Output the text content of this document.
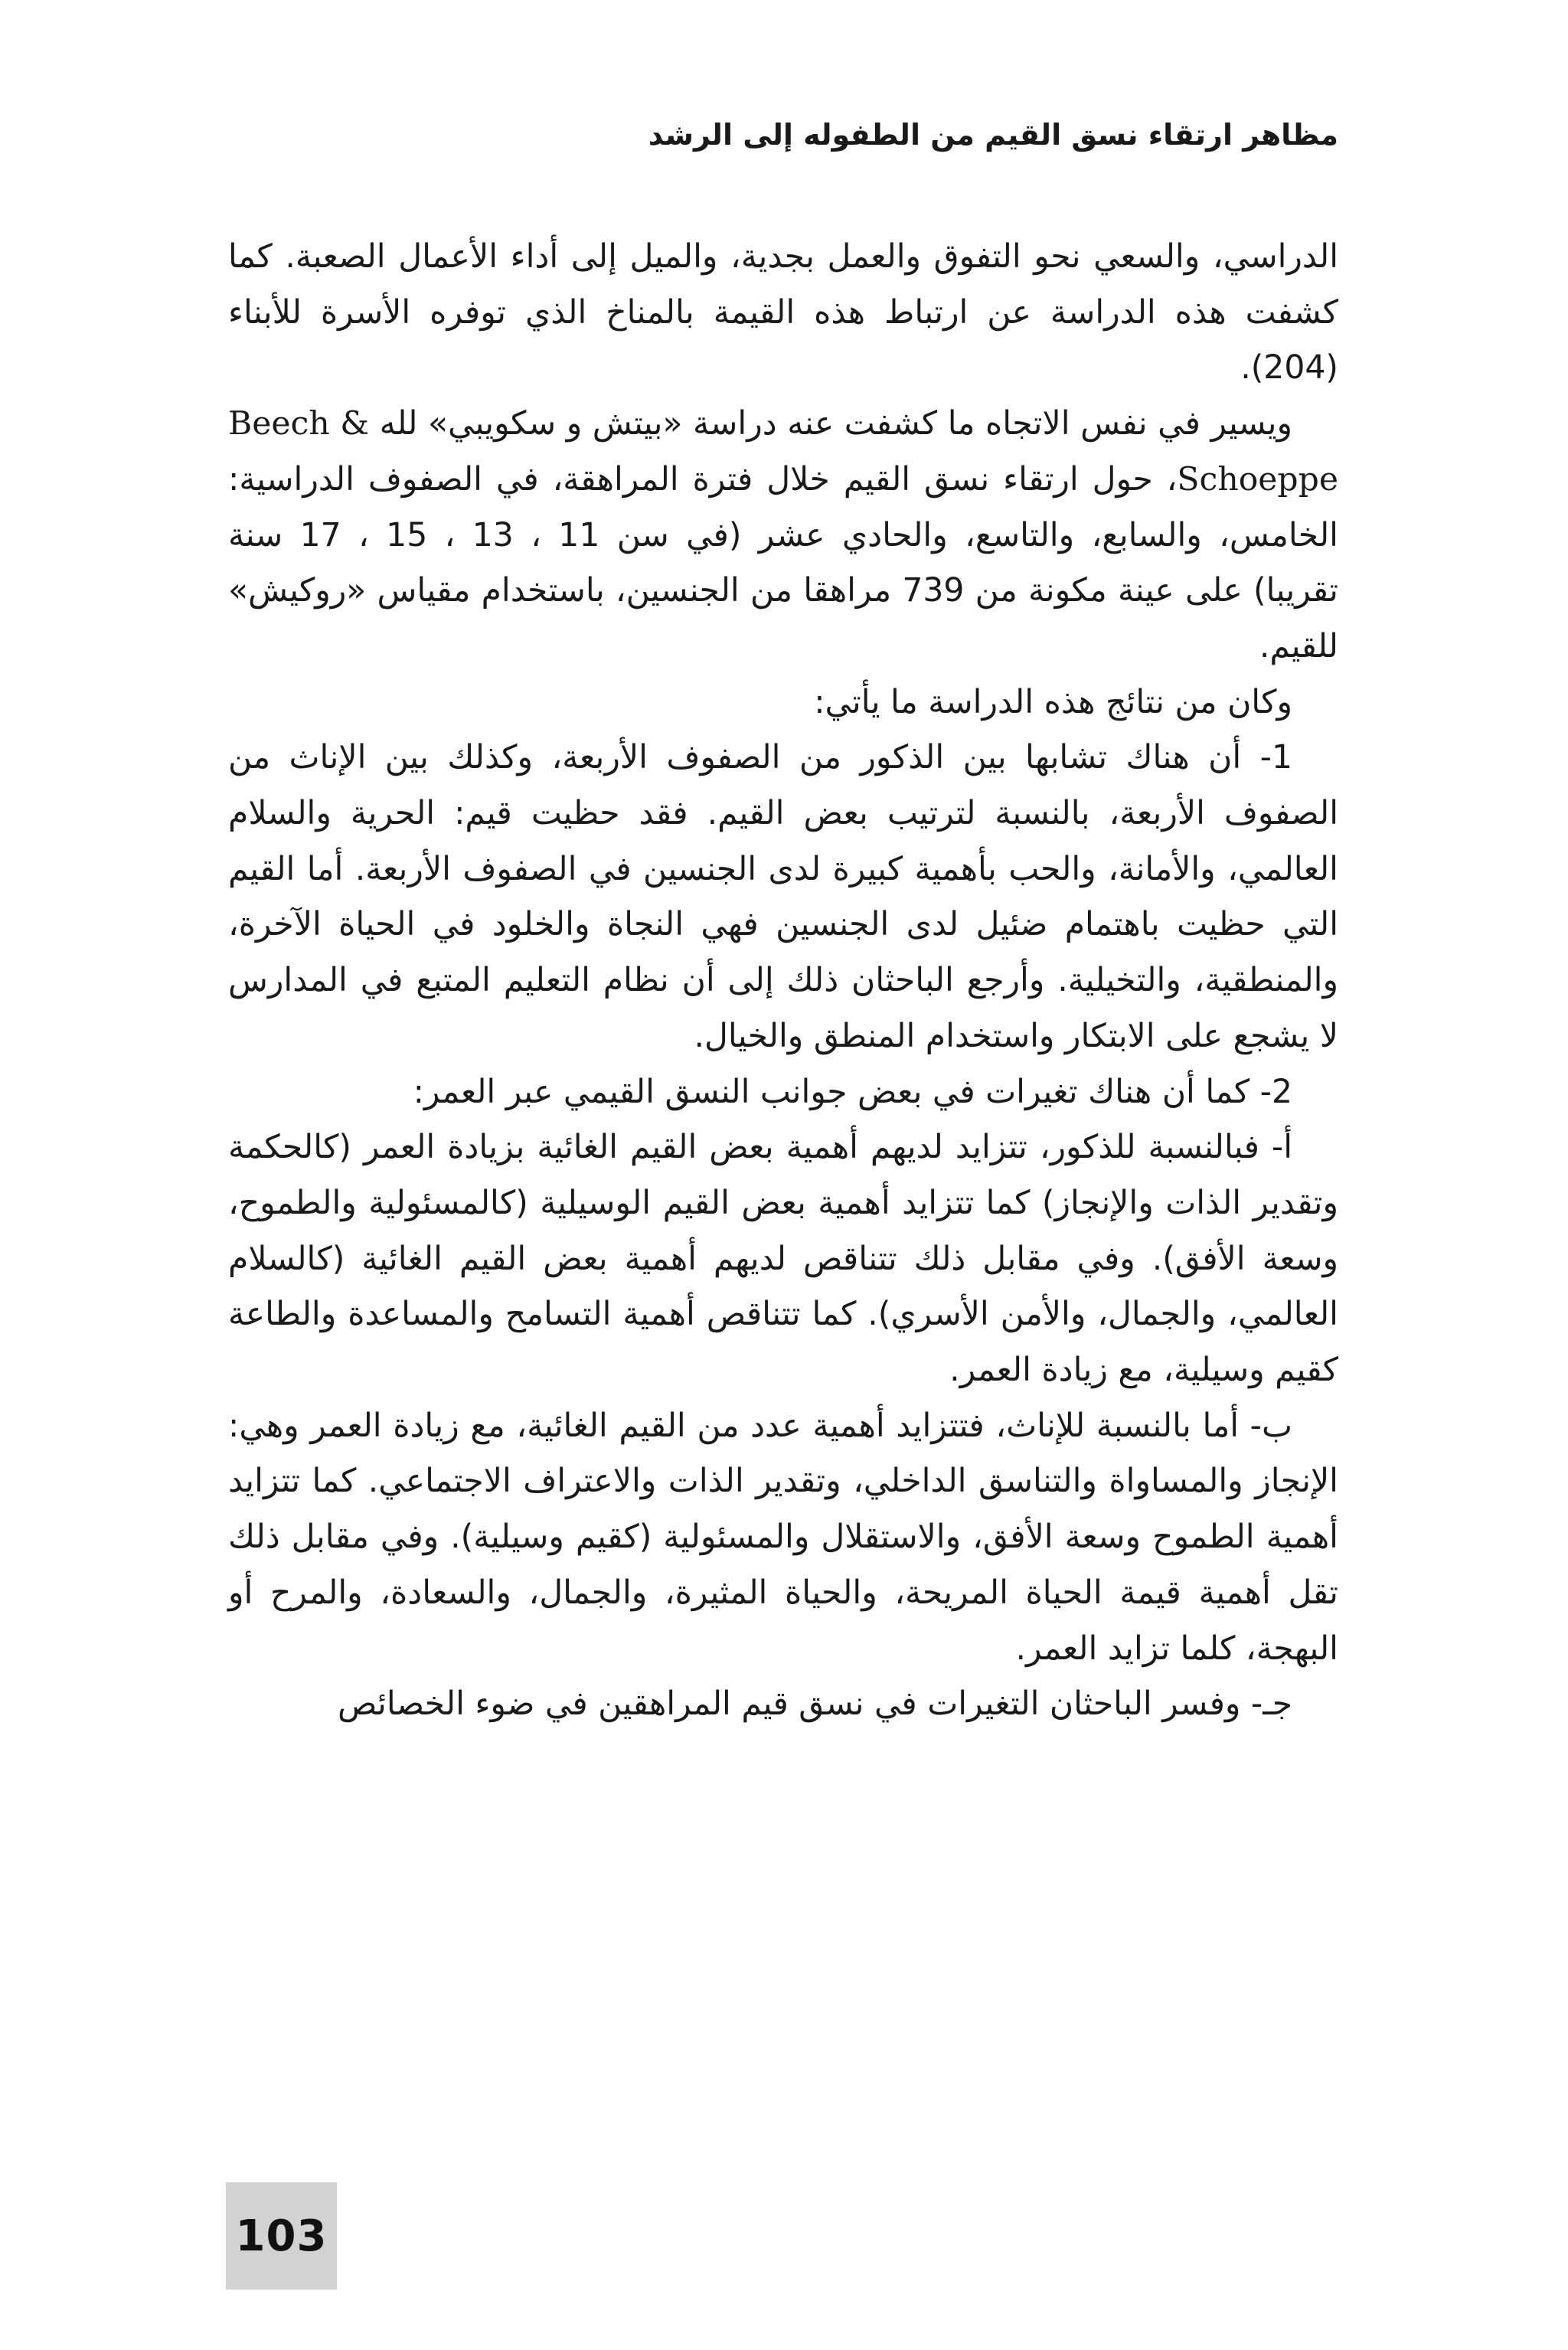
مظاهر ارتقاء نسق القيم من الطفوله إلى الرشد

الدراسي، والسعي نحو التفوق والعمل بجدية، والميل إلى أداء الأعمال الصعبة. كما كشفت هذه الدراسة عن ارتباط هذه القيمة بالمناخ الذي توفره الأسرة للأبناء (204).

ويسير في نفس الاتجاه ما كشفت عنه دراسة «بيتش و سكويبي» لله Beech & Schoeppe، حول ارتقاء نسق القيم خلال فترة المراهقة، في الصفوف الدراسية: الخامس، والسابع، والتاسع، والحادي عشر (في سن 11 ، 13 ، 15 ، 17 سنة تقريبا) على عينة مكونة من 739 مراهقا من الجنسين، باستخدام مقياس «روكيش» للقيم.

وكان من نتائج هذه الدراسة ما يأتي:

1- أن هناك تشابها بين الذكور من الصفوف الأربعة، وكذلك بين الإناث من الصفوف الأربعة، بالنسبة لترتيب بعض القيم. فقد حظيت قيم: الحرية والسلام العالمي، والأمانة، والحب بأهمية كبيرة لدى الجنسين في الصفوف الأربعة. أما القيم التي حظيت باهتمام ضئيل لدى الجنسين فهي النجاة والخلود في الحياة الآخرة، والمنطقية، والتخيلية. وأرجع الباحثان ذلك إلى أن نظام التعليم المتبع في المدارس لا يشجع على الابتكار واستخدام المنطق والخيال.

2- كما أن هناك تغيرات في بعض جوانب النسق القيمي عبر العمر:

أ- فبالنسبة للذكور، تتزايد لديهم أهمية بعض القيم الغائية بزيادة العمر (كالحكمة وتقدير الذات والإنجاز) كما تتزايد أهمية بعض القيم الوسيلية (كالمسئولية والطموح، وسعة الأفق). وفي مقابل ذلك تتناقص لديهم أهمية بعض القيم الغائية (كالسلام العالمي، والجمال، والأمن الأسري). كما تتناقص أهمية التسامح والمساعدة والطاعة كقيم وسيلية، مع زيادة العمر.

ب- أما بالنسبة للإناث، فتتزايد أهمية عدد من القيم الغائية، مع زيادة العمر وهي: الإنجاز والمساواة والتناسق الداخلي، وتقدير الذات والاعتراف الاجتماعي. كما تتزايد أهمية الطموح وسعة الأفق، والاستقلال والمسئولية (كقيم وسيلية). وفي مقابل ذلك تقل أهمية قيمة الحياة المريحة، والحياة المثيرة، والجمال، والسعادة، والمرح أو البهجة، كلما تزايد العمر.

جـ- وفسر الباحثان التغيرات في نسق قيم المراهقين في ضوء الخصائص

103
